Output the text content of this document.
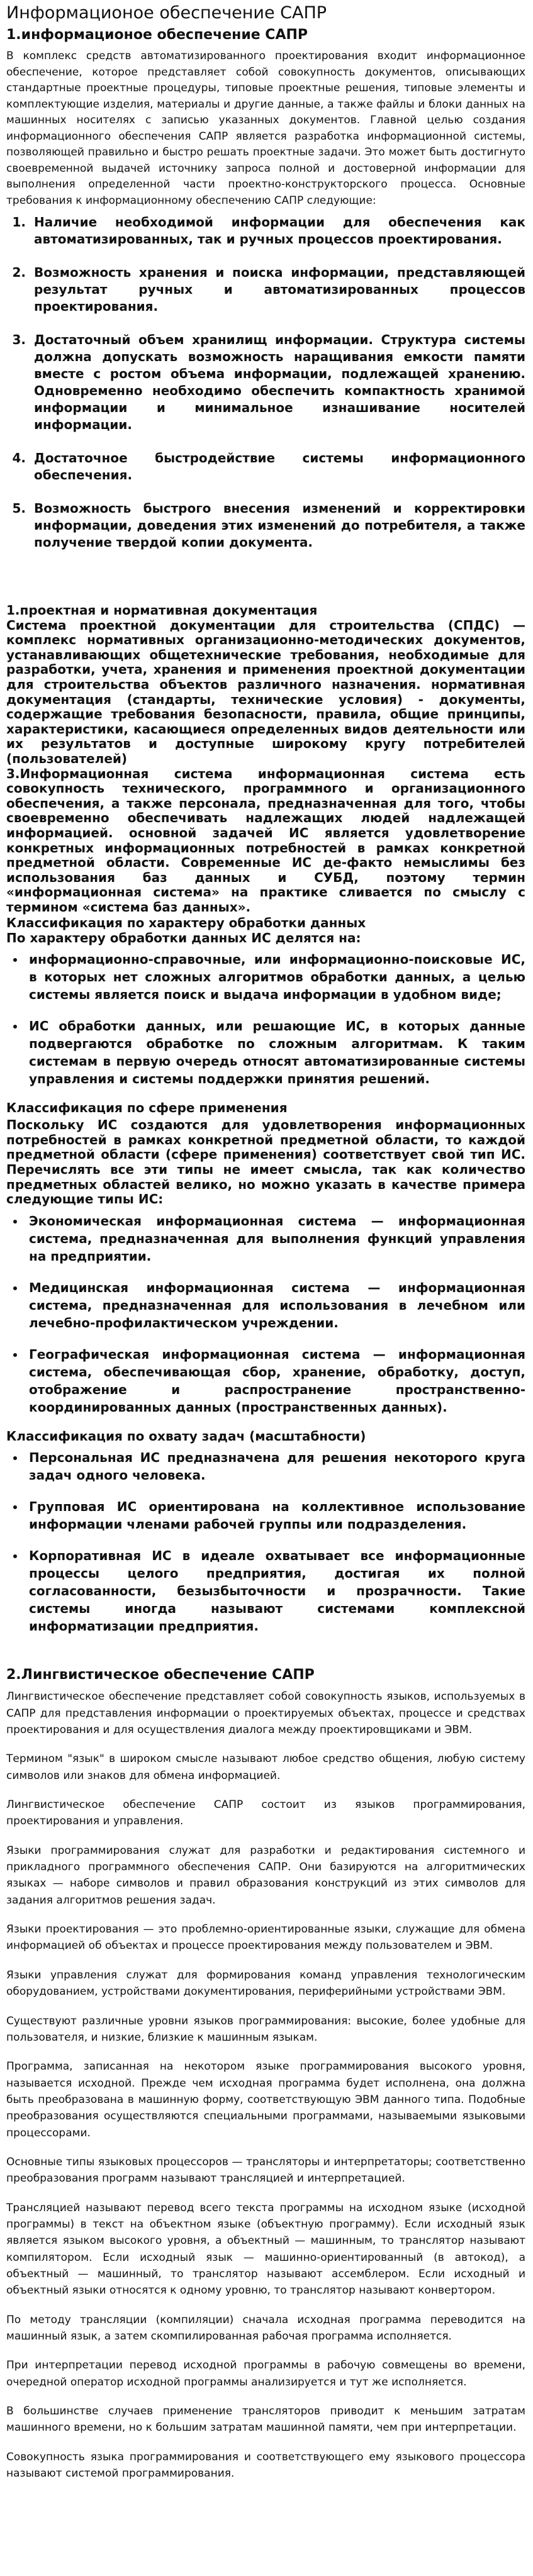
Информационое обеспечение САПР
1.информационое обеспечение САПР

В комплекс средств автоматизированного проектирования входит информационное обеспечение, которое представляет собой совокупность документов, описывающих стандартные проектные процедуры, типовые проектные решения, типовые элементы и комплектующие изделия, материалы и другие данные, а также файлы и блоки данных на машинных носителях с записью указанных документов. Главной целью создания информационного обеспечения САПР является разработка информационной системы, позволяющей правильно и быстро решать проектные задачи. Это может быть достигнуто своевременной выдачей источнику запроса полной и достоверной информации для выполнения определенной части проектно-конструкторского процесса. Основные требования к информационному обеспечению САПР следующие:

1. Наличие необходимой информации для обеспечения как автоматизированных, так и ручных процессов проектирования.
2. Возможность хранения и поиска информации, представляющей результат ручных и автоматизированных процессов проектирования.
3. Достаточный объем хранилищ информации. Структура системы должна допускать возможность наращивания емкости памяти вместе с ростом объема информации, подлежащей хранению. Одновременно необходимо обеспечить компактность хранимой информации и минимальное изнашивание носителей информации.
4. Достаточное быстродействие системы информационного обеспечения.
5. Возможность быстрого внесения изменений и корректировки информации, доведения этих изменений до потребителя, а также получение твердой копии документа.
1.проектная и нормативная документация

Система проектной документации для строительства (СПДС) — комплекс нормативных организационно-методических документов, устанавливающих общетехнические требования, необходимые для разработки, учета, хранения и применения проектной документации для строительства объектов различного назначения. нормативная документация (стандарты, технические условия) - документы, содержащие требования безопасности, правила, общие принципы, характеристики, касающиеся определенных видов деятельности или их результатов и доступные широкому кругу потребителей (пользователей)

3.Информационная система информационная система есть совокупность технического, программного и организационного обеспечения, а также персонала, предназначенная для того, чтобы своевременно обеспечивать надлежащих людей надлежащей информацией. основной задачей ИС является удовлетворение конкретных информационных потребностей в рамках конкретной предметной области. Современные ИС де-факто немыслимы без использования баз данных и СУБД, поэтому термин «информационная система» на практике сливается по смыслу с термином «система баз данных».

Классификация по характеру обработки данных
По характеру обработки данных ИС делятся на:
• информационно-справочные, или информационно-поисковые ИС, в которых нет сложных алгоритмов обработки данных, а целью системы является поиск и выдача информации в удобном виде;
• ИС обработки данных, или решающие ИС, в которых данные подвергаются обработке по сложным алгоритмам. К таким системам в первую очередь относят автоматизированные системы управления и системы поддержки принятия решений.
Классификация по сфере применения

Поскольку ИС создаются для удовлетворения информационных потребностей в рамках конкретной предметной области, то каждой предметной области (сфере применения) соответствует свой тип ИС. Перечислять все эти типы не имеет смысла, так как количество предметных областей велико, но можно указать в качестве примера следующие типы ИС:

• Экономическая информационная система — информационная система, предназначенная для выполнения функций управления на предприятии.
• Медицинская информационная система — информационная система, предназначенная для использования в лечебном или лечебно-профилактическом учреждении.
• Географическая информационная система — информационная система, обеспечивающая сбор, хранение, обработку, доступ, отображение и распространение пространственно-координированных данных (пространственных данных).
Классификация по охвату задач (масштабности)
• Персональная ИС предназначена для решения некоторого круга задач одного человека.
• Групповая ИС ориентирована на коллективное использование информации членами рабочей группы или подразделения.
• Корпоративная ИС в идеале охватывает все информационные процессы целого предприятия, достигая их полной согласованности, безызбыточности и прозрачности. Такие системы иногда называют системами комплексной информатизации предприятия.
2.Лингвистическое обеспечение САПР

Лингвистическое обеспечение представляет собой совокупность языков, используемых в САПР для представления информации о проектируемых объектах, процессе и средствах проектирования и для осуществления диалога между проектировщиками и ЭВМ.

Термином "язык" в широком смысле называют любое средство общения, любую систему символов или знаков для обмена информацией.

Лингвистическое обеспечение САПР состоит из языков программирования, проектирования и управления.

Языки программирования служат для разработки и редактирования системного и прикладного программного обеспечения САПР. Они базируются на алгоритмических языках — наборе символов и правил образования конструкций из этих символов для задания алгоритмов решения задач.

Языки проектирования — это проблемно-ориентированные языки, служащие для обмена информацией об объектах и процессе проектирования между пользователем и ЭВМ.

Языки управления служат для формирования команд управления технологическим оборудованием, устройствами документирования, периферийными устройствами ЭВМ.

Существуют различные уровни языков программирования: высокие, более удобные для пользователя, и низкие, близкие к машинным языкам.

Программа, записанная на некотором языке программирования высокого уровня, называется исходной. Прежде чем исходная программа будет исполнена, она должна быть преобразована в машинную форму, соответствующую ЭВМ данного типа. Подобные преобразования осуществляются специальными программами, называемыми языковыми процессорами.

Основные типы языковых процессоров — трансляторы и интерпретаторы; соответственно преобразования программ называют трансляцией и интерпретацией.

Трансляцией называют перевод всего текста программы на исходном языке (исходной программы) в текст на объектном языке (объектную программу). Если исходный язык является языком высокого уровня, а объектный — машинным, то транслятор называют компилятором. Если исходный язык — машинно-ориентированный (в автокод), а объектный — машинный, то транслятор называют ассемблером. Если исходный и объектный языки относятся к одному уровню, то транслятор называют конвертором.

По методу трансляции (компиляции) сначала исходная программа переводится на машинный язык, а затем скомпилированная рабочая программа исполняется.

При интерпретации перевод исходной программы в рабочую совмещены во времени, очередной оператор исходной программы анализируется и тут же исполняется.

В большинстве случаев применение трансляторов приводит к меньшим затратам машинного времени, но к большим затратам машинной памяти, чем при интерпретации.

Совокупность языка программирования и соответствующего ему языкового процессора называют системой программирования.
